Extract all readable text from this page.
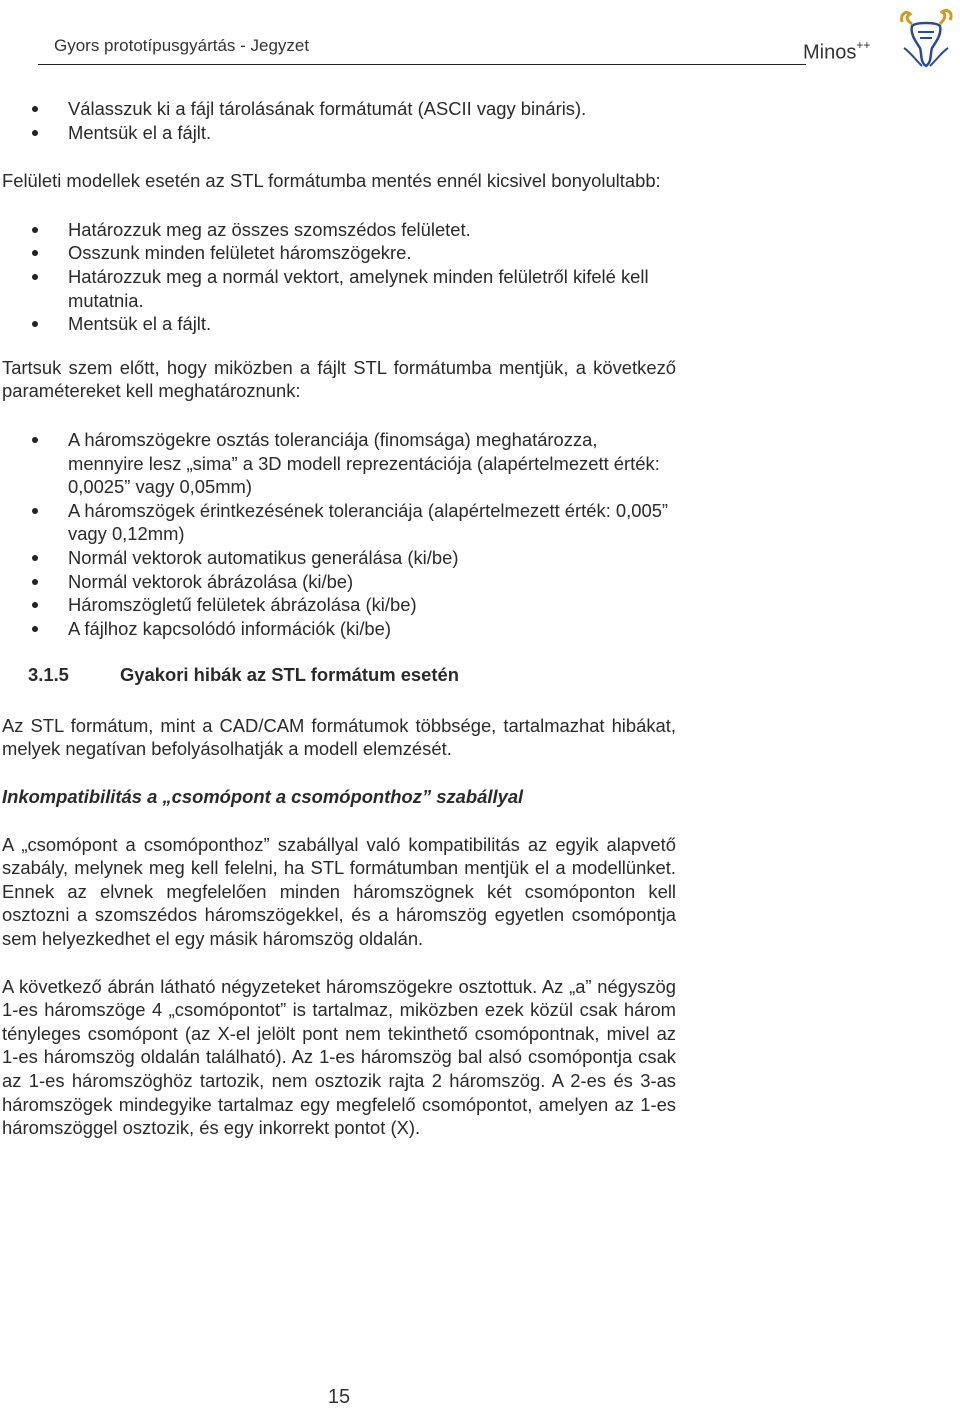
Gyors prototípusgyártás - Jegyzet	Minos++
Válasszuk ki a fájl tárolásának formátumát (ASCII vagy bináris).
Mentsük el a fájlt.

Felületi modellek esetén az STL formátumba mentés ennél kicsivel bonyolultabb:

Határozzuk meg az összes szomszédos felületet.
Osszunk minden felületet háromszögekre.
Határozzuk meg a normál vektort, amelynek minden felületről kifelé kell mutatnia.
Mentsük el a fájlt.

Tartsuk szem előtt, hogy miközben a fájlt STL formátumba mentjük, a következő paramétereket kell meghatároznunk:

A háromszögekre osztás toleranciája (finomsága) meghatározza, mennyire lesz „sima” a 3D modell reprezentációja (alapértelmezett érték: 0,0025” vagy 0,05mm)
A háromszögek érintkezésének toleranciája (alapértelmezett érték: 0,005” vagy 0,12mm)
Normál vektorok automatikus generálása (ki/be)
Normál vektorok ábrázolása (ki/be)
Háromszögletű felületek ábrázolása (ki/be)
A fájlhoz kapcsolódó információk (ki/be)
3.1.5	Gyakori hibák az STL formátum esetén

Az STL formátum, mint a CAD/CAM formátumok többsége, tartalmazhat hibákat, melyek negatívan befolyásolhatják a modell elemzését.

Inkompatibilitás a „csomópont a csomóponthoz” szabállyal

A „csomópont a csomóponthoz” szabállyal való kompatibilitás az egyik alapvető szabály, melynek meg kell felelni, ha STL formátumban mentjük el a modellünket. Ennek az elvnek megfelelően minden háromszögnek két csomóponton kell osztozni a szomszédos háromszögekkel, és a háromszög egyetlen csomópontja sem helyezkedhet el egy másik háromszög oldalán.

A következő ábrán látható négyzeteket háromszögekre osztottuk. Az „a” négyszög 1-es háromszöge 4 „csomópontot” is tartalmaz, miközben ezek közül csak három tényleges csomópont (az X-el jelölt pont nem tekinthető csomópontnak, mivel az 1-es háromszög oldalán található). Az 1-es háromszög bal alsó csomópontja csak az 1-es háromszöghöz tartozik, nem osztozik rajta 2 háromszög. A 2-es és 3-as háromszögek mindegyike tartalmaz egy megfelelő csomópontot, amelyen az 1-es háromszöggel osztozik, és egy inkorrekt pontot (X).

15
